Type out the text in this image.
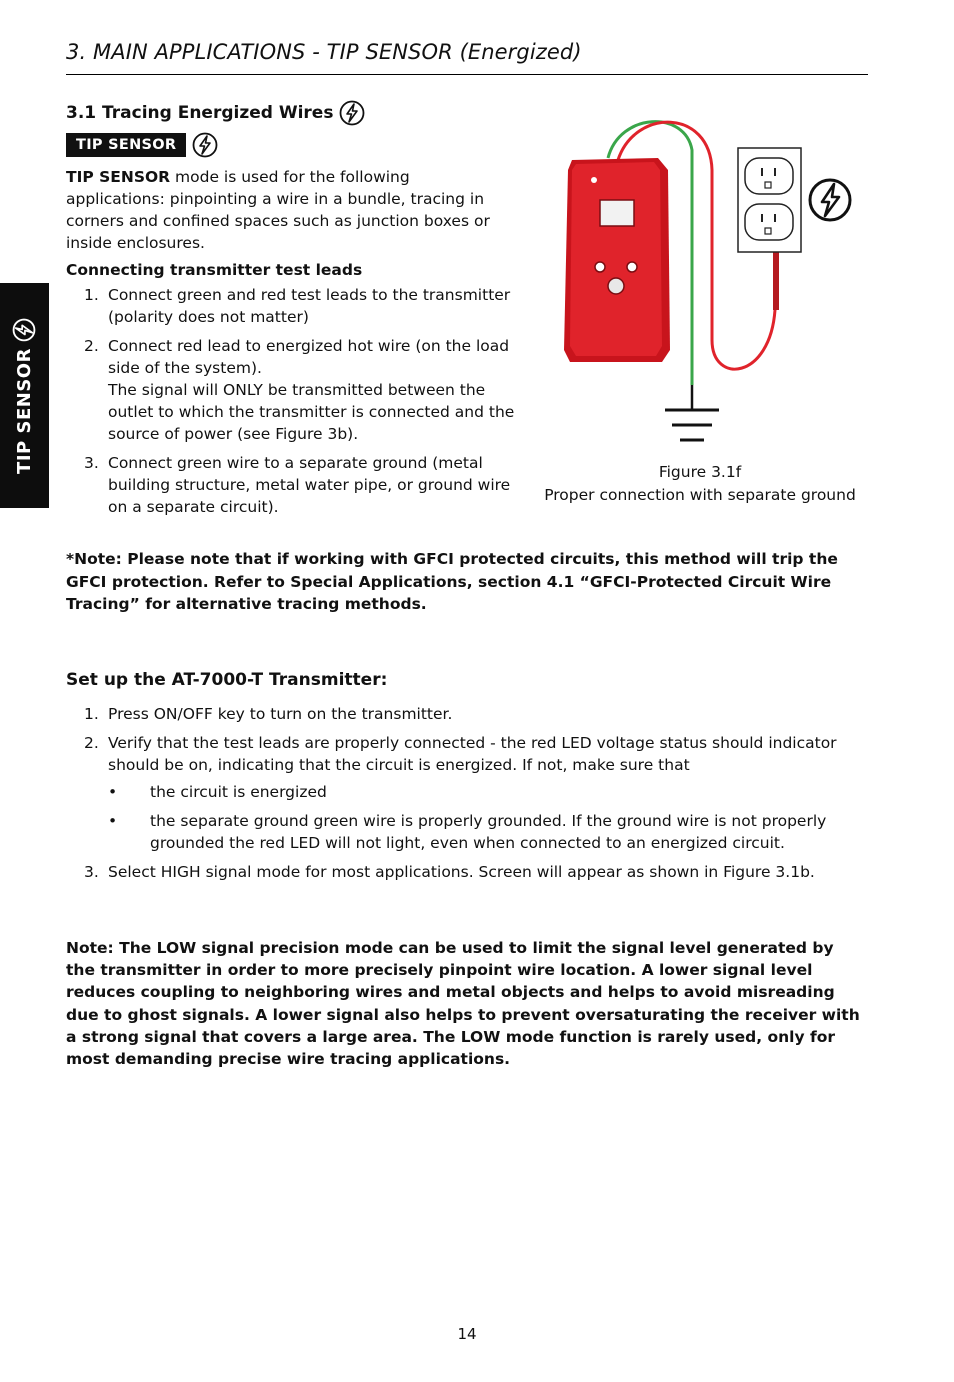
3. MAIN APPLICATIONS - TIP SENSOR (Energized)
3.1 Tracing Energized Wires
TIP SENSOR
TIP SENSOR mode is used for the following applications: pinpointing a wire in a bundle, tracing in corners and confined spaces such as junction boxes or inside enclosures.
Connecting transmitter test leads
1. Connect green and red test leads to the transmitter (polarity does not matter)
2. Connect red lead to energized hot wire (on the load side of the system).
The signal will ONLY be transmitted between the outlet to which the transmitter is connected and the source of power (see Figure 3b).
3. Connect green wire to a separate ground (metal building structure, metal water pipe, or ground wire on a separate circuit).
Figure 3.1f
Proper connection with separate ground
*Note: Please note that if working with GFCI protected circuits, this method will trip the GFCI protection. Refer to Special Applications, section 4.1 “GFCI-Protected Circuit Wire Tracing” for alternative tracing methods.
Set up the AT-7000-T Transmitter:
1. Press ON/OFF key to turn on the transmitter.
2. Verify that the test leads are properly connected - the red LED voltage status should indicator should be on, indicating that the circuit is energized. If not, make sure that
• the circuit is energized
• the separate ground green wire is properly grounded. If the ground wire is not properly grounded the red LED will not light, even when connected to an energized circuit.
3. Select HIGH signal mode for most applications. Screen will appear as shown in Figure 3.1b.
Note: The LOW signal precision mode can be used to limit the signal level generated by the transmitter in order to more precisely pinpoint wire location. A lower signal level reduces coupling to neighboring wires and metal objects and helps to avoid misreading due to ghost signals. A lower signal also helps to prevent oversaturating the receiver with a strong signal that covers a large area. The LOW mode function is rarely used, only for most demanding precise wire tracing applications.
TIP SENSOR
14
